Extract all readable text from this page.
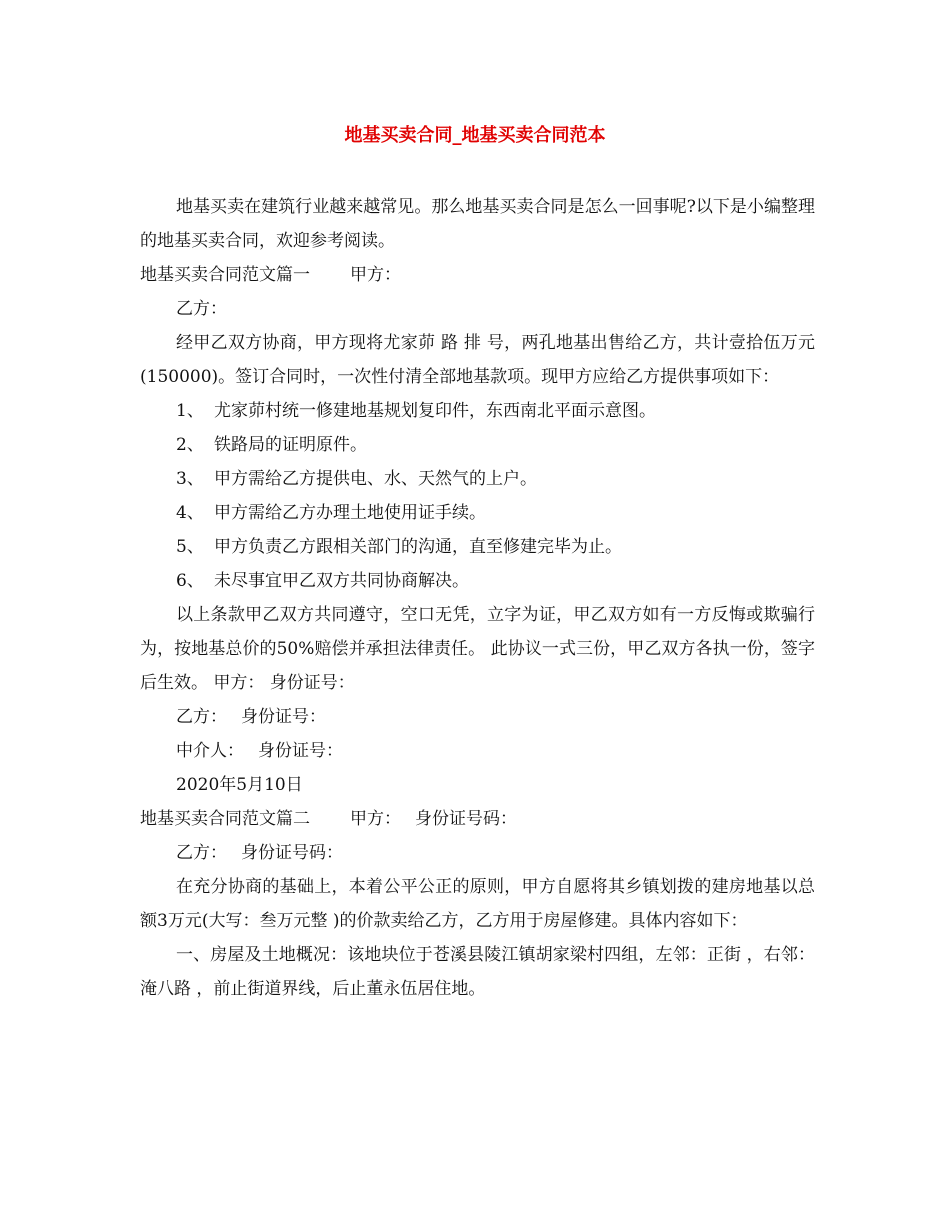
地基买卖合同_地基买卖合同范本

地基买卖在建筑行业越来越常见。那么地基买卖合同是怎么一回事呢?以下是小编整理的地基买卖合同，欢迎参考阅读。

地基买卖合同范文篇一 甲方：

乙方：

经甲乙双方协商，甲方现将尤家茆 路 排 号，两孔地基出售给乙方，共计壹拾伍万元(150000)。签订合同时，一次性付清全部地基款项。现甲方应给乙方提供事项如下：

1、 尤家茆村统一修建地基规划复印件，东西南北平面示意图。

2、 铁路局的证明原件。

3、 甲方需给乙方提供电、水、天然气的上户。

4、 甲方需给乙方办理土地使用证手续。

5、 甲方负责乙方跟相关部门的沟通，直至修建完毕为止。

6、 未尽事宜甲乙双方共同协商解决。

以上条款甲乙双方共同遵守，空口无凭，立字为证，甲乙双方如有一方反悔或欺骗行为，按地基总价的50%赔偿并承担法律责任。 此协议一式三份，甲乙双方各执一份，签字后生效。 甲方： 身份证号：

乙方： 身份证号：

中介人： 身份证号：

2020年5月10日

地基买卖合同范文篇二 甲方： 身份证号码：

乙方： 身份证号码：

在充分协商的基础上，本着公平公正的原则，甲方自愿将其乡镇划拨的建房地基以总额3万元(大写：叁万元整 )的价款卖给乙方，乙方用于房屋修建。具体内容如下：

一、房屋及土地概况：该地块位于苍溪县陵江镇胡家梁村四组，左邻：正街 ，右邻：淹八路 ，前止街道界线，后止董永伍居住地。
